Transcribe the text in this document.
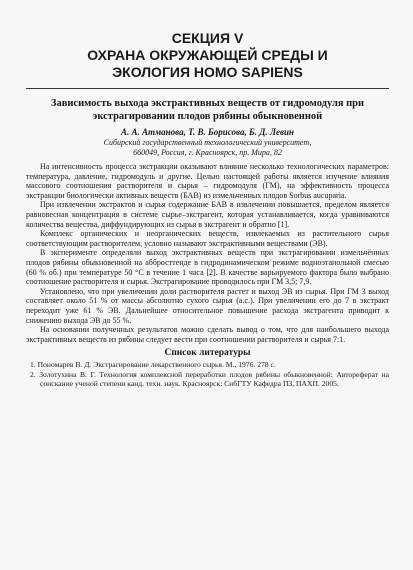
СЕКЦИЯ V
ОХРАНА ОКРУЖАЮЩЕЙ СРЕДЫ И
ЭКОЛОГИЯ HOMO SAPIENS
Зависимость выхода экстрактивных веществ от гидромодуля при экстрагировании плодов рябины обыкновенной
А. А. Атманова, Т. В. Борисова, Б. Д. Левин
Сибирский государственный технологический университет,
660049, Россия, г. Красноярск, пр. Мира, 82

На интенсивность процесса экстракции оказывают влияние несколько технологических параметров: температура, давление, гидромодуль и другие. Целью настоящей работы является изучение влияния массового соотношения растворителя и сырья – гидромодуля (ГМ), на эффективность процесса экстракции биологически активных веществ (БАВ) из измельченных плодов Sorbus aucuparia.

При извлечении экстрактов и сырья содержание БАВ в извлечении повышается, пределом является равновесная концентрация в системе сырье–экстрагент, которая устанавливается, когда уравниваются количества вещества, диффундирующих из сырья в экстрагент и обратно [1].

Комплекс органических и неорганических веществ, извлекаемых из растительного сырья соответствующим растворителем, условно называют экстрактивными веществами (ЭВ).

В эксперименте определяли выход экстрактивных веществ при экстрагировании измельчённых плодов рябины обыкновенной на аббросттенде в гидродинамическом режиме водноэтанольной смесью (60 % об.) при температуре 50 °С в течение 1 часа [2]. В качестве варьируемого фактора было выбрано соотношение растворителя и сырья. Экстрагирование проводилось при ГМ 3,5; 7,9.

Установлено, что при увеличении доли растворителя растет и выход ЭВ из сырья. При ГМ 3 выход составляет около 51 % от массы абсолютно сухого сырья (а.с.). При увеличении его до 7 в экстракт переходит уже 61 % ЭВ. Дальнейшее относительное повышение расхода экстрагента приводит к снижению выхода ЭВ до 55 %.

На основании полученных результатов можно сделать вывод о том, что для наибольшего выхода экстрактивных веществ из рябины следует вести при соотношении растворителя и сырья 7:1.

Список литературы

1. Пономарев В. Д. Экстрагирование лекарственного сырья. М., 1976. 278 с.

2. Золотухина В. Г. Технология комплексной переработки плодов рябины обыкновенной: Автореферат на соискание ученой степени канд. техн. наук. Красноярск: СибГТУ Кафедра ПЗ, ПАХП. 2005.
